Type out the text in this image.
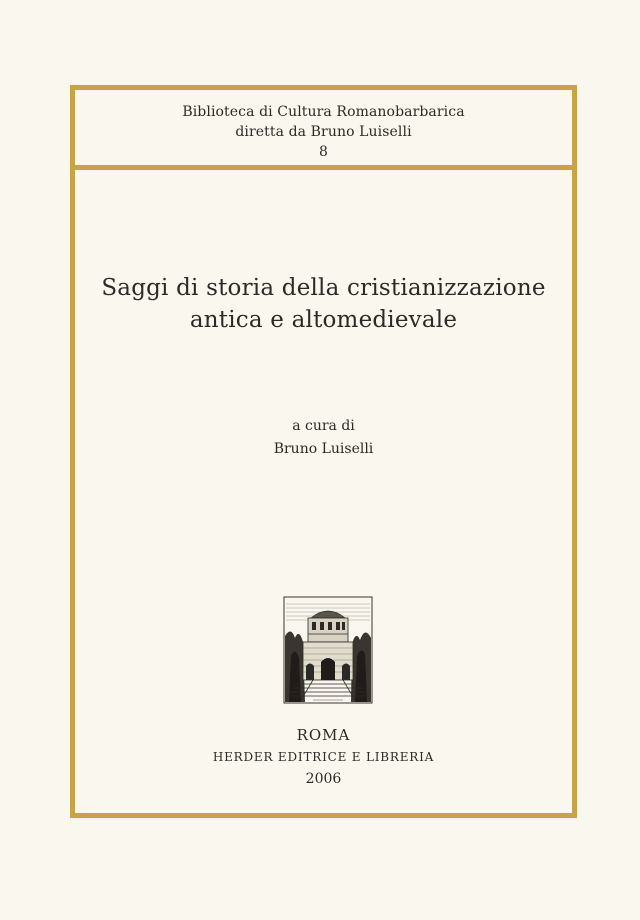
Biblioteca di Cultura Romanobarbarica
diretta da Bruno Luiselli
8
Saggi di storia della cristianizzazione
antica e altomedievale
a cura di
Bruno Luiselli
ROMA
HERDER EDITRICE E LIBRERIA
2006
